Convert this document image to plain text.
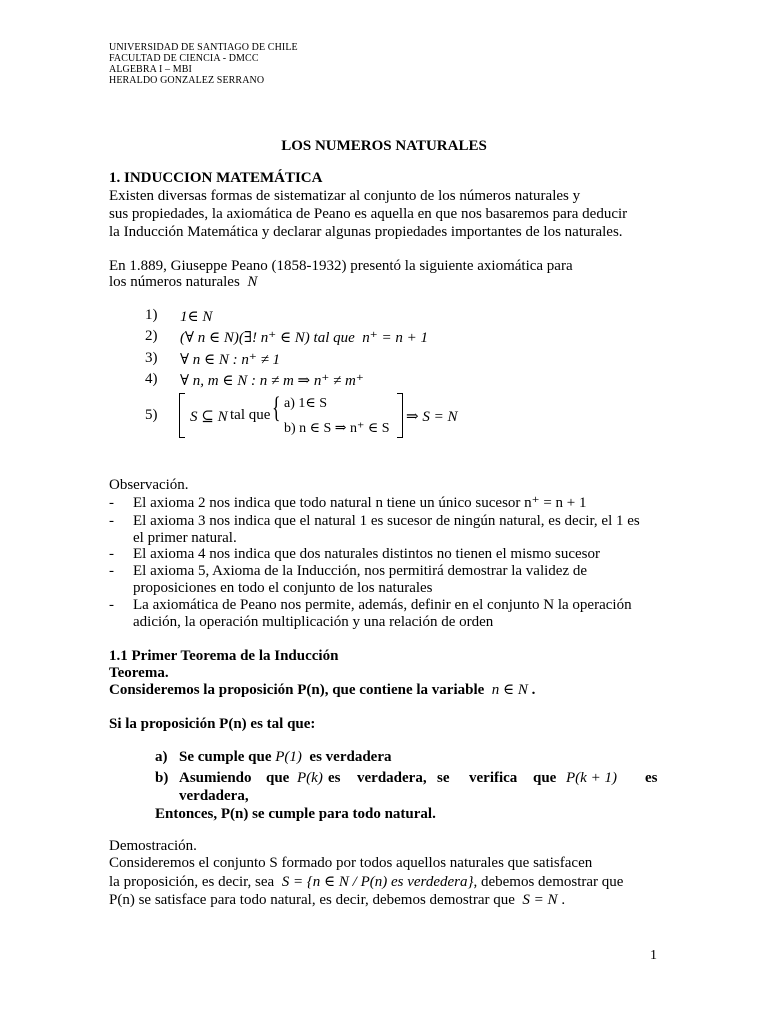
UNIVERSIDAD DE SANTIAGO DE CHILE
FACULTAD DE CIENCIA - DMCC
ALGEBRA I – MBI
HERALDO GONZALEZ SERRANO
LOS NUMEROS NATURALES
1. INDUCCION MATEMÁTICA
Existen diversas formas de sistematizar al conjunto de los números naturales y
sus propiedades, la axiomática de Peano es aquella en que nos basaremos para deducir
la Inducción Matemática y declarar algunas propiedades importantes de los naturales.
En 1.889, Giuseppe Peano (1858-1932) presentó la siguiente axiomática para
los números naturales N
1) 1∈ N
2) (∀ n ∈ N)(∃! n⁺ ∈ N) tal que n⁺ = n + 1
3) ∀ n ∈ N : n⁺ ≠ 1
4) ∀ n, m ∈ N : n ≠ m ⇒ n⁺ ≠ m⁺
5) S ⊆ N tal que { a) 1∈ S
b) n ∈ S ⇒ n⁺ ∈ S
⇒ S = N
Observación.
- El axioma 2 nos indica que todo natural n tiene un único sucesor n⁺ = n + 1
- El axioma 3 nos indica que el natural 1 es sucesor de ningún natural, es decir, el 1 es el primer natural.
- El axioma 4 nos indica que dos naturales distintos no tienen el mismo sucesor
- El axioma 5, Axioma de la Inducción, nos permitirá demostrar la validez de proposiciones en todo el conjunto de los naturales
- La axiomática de Peano nos permite, además, definir en el conjunto N la operación adición, la operación multiplicación y una relación de orden
1.1 Primer Teorema de la Inducción
Teorema.
Consideremos la proposición P(n), que contiene la variable n ∈ N .
Si la proposición P(n) es tal que:
a) Se cumple que P(1) es verdadera
b) Asumiendo que P(k) es verdadera, se verifica que P(k + 1) es
verdadera,
Entonces, P(n) se cumple para todo natural.
Demostración.
Consideremos el conjunto S formado por todos aquellos naturales que satisfacen
la proposición, es decir, sea S = {n ∈ N / P(n) es verdedera}, debemos demostrar que
P(n) se satisface para todo natural, es decir, debemos demostrar que S = N .
1
